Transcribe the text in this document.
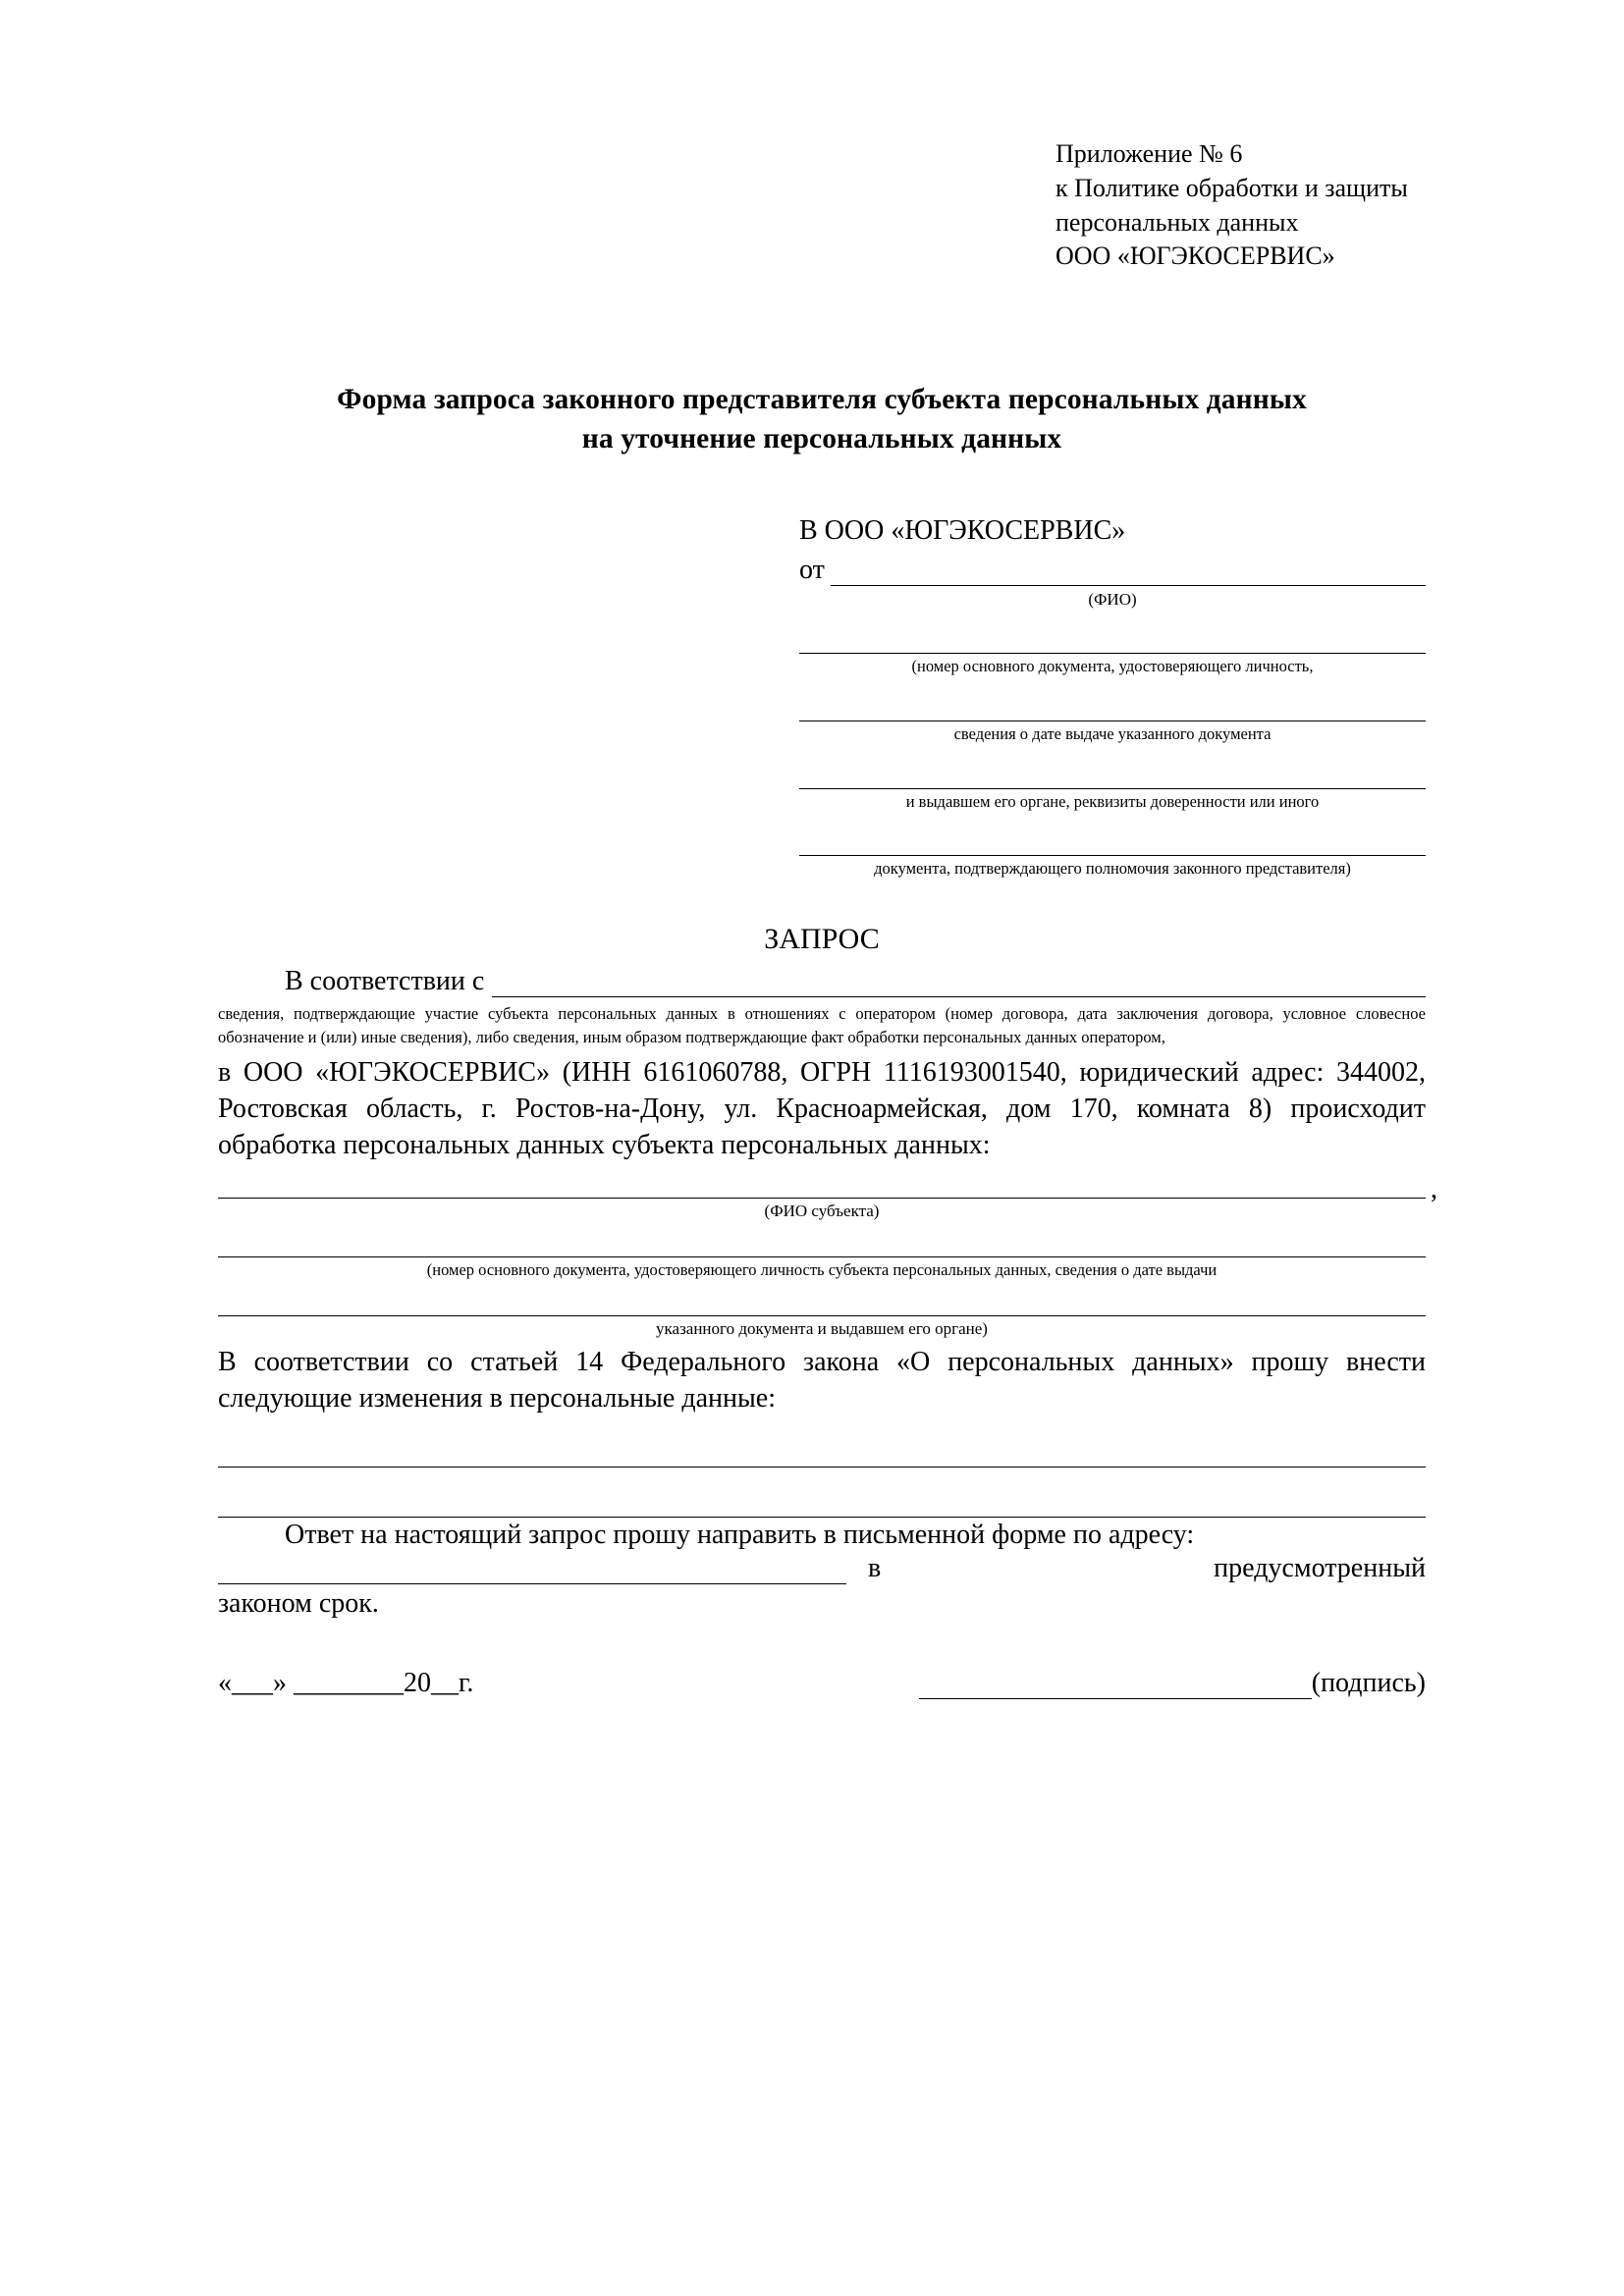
Приложение № 6
к Политике обработки и защиты
персональных данных
ООО «ЮГЭКОСЕРВИС»
Форма запроса законного представителя субъекта персональных данных
на уточнение персональных данных
В ООО «ЮГЭКОСЕРВИС»
от
(ФИО)
(номер основного документа, удостоверяющего личность,
сведения о дате выдаче указанного документа
и выдавшем его органе, реквизиты доверенности или иного
документа, подтверждающего полномочия законного представителя)
ЗАПРОС
В соответствии с
сведения, подтверждающие участие субъекта персональных данных в отношениях с оператором (номер договора, дата заключения договора, условное словесное обозначение и (или) иные сведения), либо сведения, иным образом подтверждающие факт обработки персональных данных оператором,
в ООО «ЮГЭКОСЕРВИС» (ИНН 6161060788, ОГРН 1116193001540, юридический адрес: 344002, Ростовская область, г. Ростов-на-Дону, ул. Красноармейская, дом 170, комната 8) происходит обработка персональных данных субъекта персональных данных:
,
(ФИО субъекта)
(номер основного документа, удостоверяющего личность субъекта персональных данных, сведения о дате выдачи
указанного документа и выдавшем его органе)
В соответствии со статьей 14 Федерального закона «О персональных данных» прошу внести следующие изменения в персональные данные:
Ответ на настоящий запрос прошу направить в письменной форме по адресу:
в	предусмотренный
законом срок.
«___» ________20__г.	(подпись)
